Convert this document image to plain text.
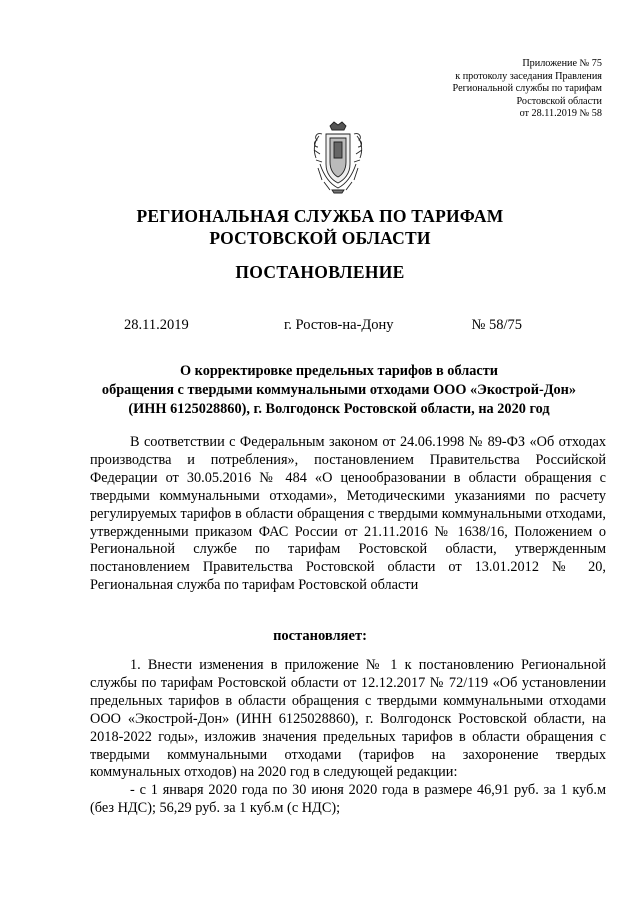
Приложение № 75
к протоколу заседания Правления
Региональной службы по тарифам
Ростовской области
от 28.11.2019 № 58
РЕГИОНАЛЬНАЯ СЛУЖБА ПО ТАРИФАМ
РОСТОВСКОЙ ОБЛАСТИ
ПОСТАНОВЛЕНИЕ
28.11.2019	г. Ростов-на-Дону	№ 58/75
О корректировке предельных тарифов в области
обращения с твердыми коммунальными отходами ООО «Экострой-Дон»
(ИНН 6125028860), г. Волгодонск Ростовской области, на 2020 год
В соответствии с Федеральным законом от 24.06.1998 № 89-ФЗ «Об отходах производства и потребления», постановлением Правительства Российской Федерации от 30.05.2016 № 484 «О ценообразовании в области обращения с твердыми коммунальными отходами», Методическими указаниями по расчету регулируемых тарифов в области обращения с твердыми коммунальными отходами, утвержденными приказом ФАС России от 21.11.2016 № 1638/16, Положением о Региональной службе по тарифам Ростовской области, утвержденным постановлением Правительства Ростовской области от 13.01.2012 № 20, Региональная служба по тарифам Ростовской области
постановляет:
1. Внести изменения в приложение № 1 к постановлению Региональной службы по тарифам Ростовской области от 12.12.2017 № 72/119 «Об установлении предельных тарифов в области обращения с твердыми коммунальными отходами ООО «Экострой-Дон» (ИНН 6125028860), г. Волгодонск Ростовской области, на 2018-2022 годы», изложив значения предельных тарифов в области обращения с твердыми коммунальными отходами (тарифов на захоронение твердых коммунальных отходов) на 2020 год в следующей редакции:
- с 1 января 2020 года по 30 июня 2020 года в размере 46,91 руб. за 1 куб.м (без НДС); 56,29 руб. за 1 куб.м (с НДС);
